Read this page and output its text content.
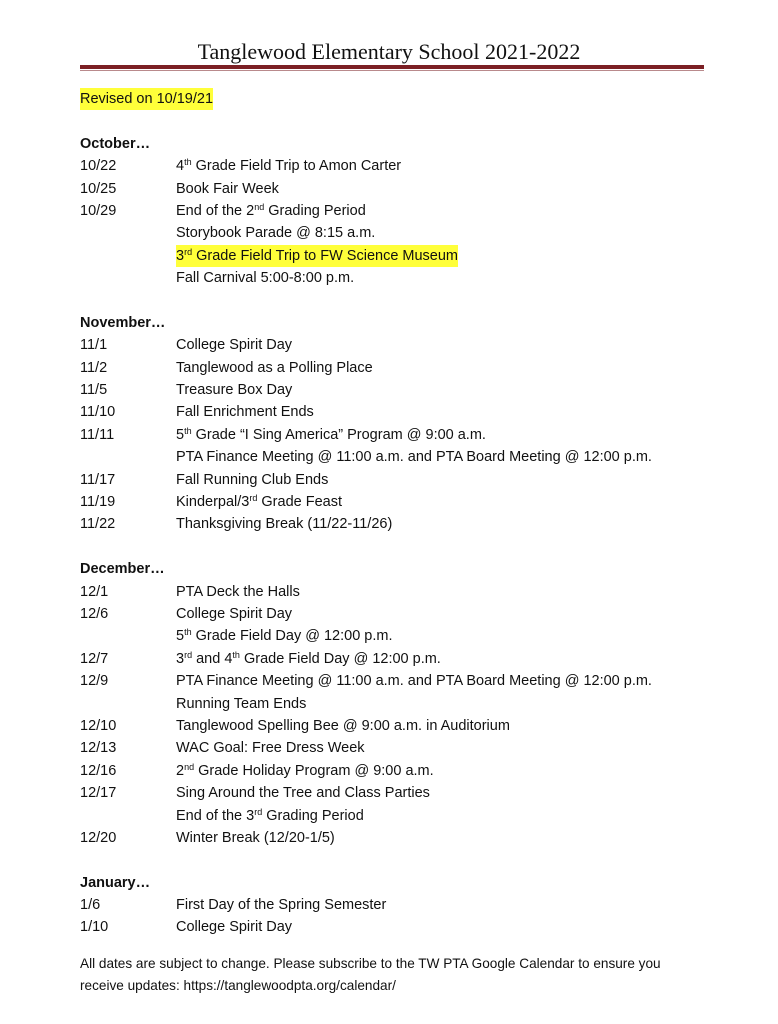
Tanglewood Elementary School 2021-2022
Revised on 10/19/21
October…
10/22	4th Grade Field Trip to Amon Carter
10/25	Book Fair Week
10/29	End of the 2nd Grading Period
Storybook Parade @ 8:15 a.m.
3rd Grade Field Trip to FW Science Museum
Fall Carnival 5:00-8:00 p.m.
November…
11/1	College Spirit Day
11/2	Tanglewood as a Polling Place
11/5	Treasure Box Day
11/10	Fall Enrichment Ends
11/11	5th Grade “I Sing America” Program @ 9:00 a.m.
PTA Finance Meeting @ 11:00 a.m. and PTA Board Meeting @ 12:00 p.m.
11/17	Fall Running Club Ends
11/19	Kinderpal/3rd Grade Feast
11/22	Thanksgiving Break (11/22-11/26)
December…
12/1	PTA Deck the Halls
12/6	College Spirit Day
5th Grade Field Day @ 12:00 p.m.
12/7	3rd and 4th Grade Field Day @ 12:00 p.m.
12/9	PTA Finance Meeting @ 11:00 a.m. and PTA Board Meeting @ 12:00 p.m.
Running Team Ends
12/10	Tanglewood Spelling Bee @ 9:00 a.m. in Auditorium
12/13	WAC Goal: Free Dress Week
12/16	2nd Grade Holiday Program @ 9:00 a.m.
12/17	Sing Around the Tree and Class Parties
End of the 3rd Grading Period
12/20	Winter Break (12/20-1/5)
January…
1/6	First Day of the Spring Semester
1/10	College Spirit Day
All dates are subject to change. Please subscribe to the TW PTA Google Calendar to ensure you receive updates: https://tanglewoodpta.org/calendar/
